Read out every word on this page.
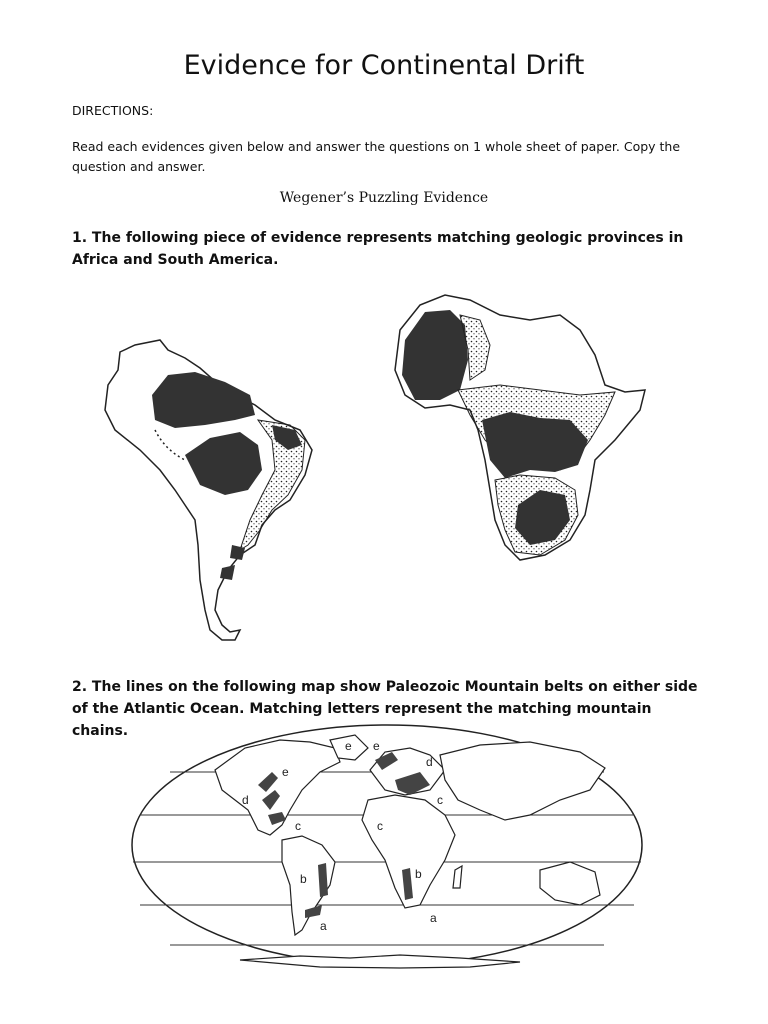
Evidence for Continental Drift
DIRECTIONS:
Read each evidences given below and answer the questions on 1 whole sheet of paper. Copy the question and answer.
Wegener’s Puzzling Evidence
1. The following piece of evidence represents matching geologic provinces in Africa and South America.
2. The lines on the following map show Paleozoic Mountain belts on either side of the Atlantic Ocean. Matching letters represent the matching mountain chains.
a
a
b	b
c	c
c
d
d
e
e e
